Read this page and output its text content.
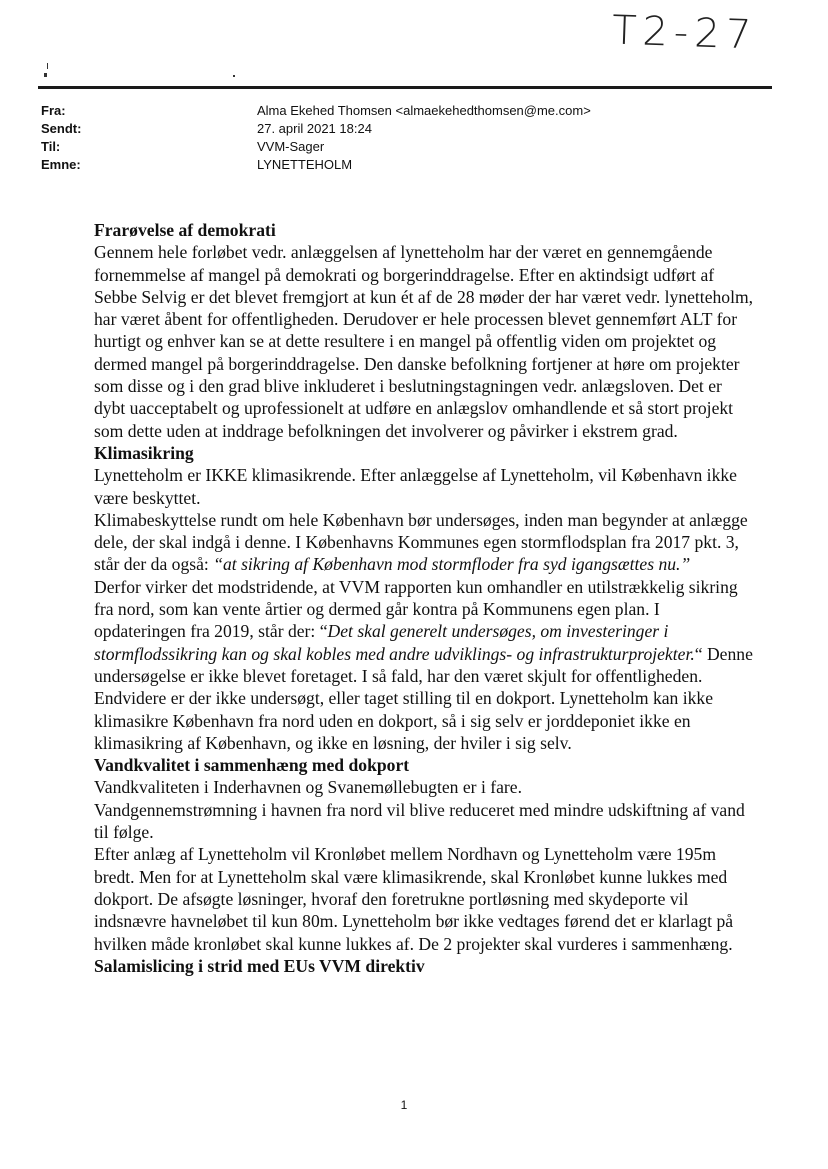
T2-27
Fra:	Alma Ekehed Thomsen <almaekehedthomsen@me.com>
Sendt:	27. april 2021 18:24
Til:	VVM-Sager
Emne:	LYNETTEHOLM
Frarøvelse af demokrati

Gennem hele forløbet vedr. anlæggelsen af lynetteholm har der været en gennemgående fornemmelse af mangel på demokrati og borgerinddragelse. Efter en aktindsigt udført af Sebbe Selvig er det blevet fremgjort at kun ét af de 28 møder der har været vedr. lynetteholm, har været åbent for offentligheden. Derudover er hele processen blevet gennemført ALT for hurtigt og enhver kan se at dette resultere i en mangel på offentlig viden om projektet og dermed mangel på borgerinddragelse. Den danske befolkning fortjener at høre om projekter som disse og i den grad blive inkluderet i beslutningstagningen vedr. anlægsloven. Det er dybt uacceptabelt og uprofessionelt at udføre en anlægslov omhandlende et så stort projekt som dette uden at inddrage befolkningen det involverer og påvirker i ekstrem grad.

Klimasikring

Lynetteholm er IKKE klimasikrende. Efter anlæggelse af Lynetteholm, vil København ikke være beskyttet.

Klimabeskyttelse rundt om hele København bør undersøges, inden man begynder at anlægge dele, der skal indgå i denne. I Københavns Kommunes egen stormflodsplan fra 2017 pkt. 3, står der da også: “at sikring af København mod stormfloder fra syd igangsættes nu.”

Derfor virker det modstridende, at VVM rapporten kun omhandler en utilstrækkelig sikring fra nord, som kan vente årtier og dermed går kontra på Kommunens egen plan. I opdateringen fra 2019, står der: “Det skal generelt undersøges, om investeringer i stormflodssikring kan og skal kobles med andre udviklings- og infrastrukturprojekter.“ Denne undersøgelse er ikke blevet foretaget. I så fald, har den været skjult for offentligheden.

Endvidere er der ikke undersøgt, eller taget stilling til en dokport. Lynetteholm kan ikke klimasikre København fra nord uden en dokport, så i sig selv er jorddeponiet ikke en klimasikring af København, og ikke en løsning, der hviler i sig selv.

Vandkvalitet i sammenhæng med dokport

Vandkvaliteten i Inderhavnen og Svanemøllebugten er i fare.

Vandgennemstrømning i havnen fra nord vil blive reduceret med mindre udskiftning af vand til følge.

Efter anlæg af Lynetteholm vil Kronløbet mellem Nordhavn og Lynetteholm være 195m bredt. Men for at Lynetteholm skal være klimasikrende, skal Kronløbet kunne lukkes med dokport. De afsøgte løsninger, hvoraf den foretrukne portløsning med skydeporte vil indsnævre havneløbet til kun 80m. Lynetteholm bør ikke vedtages førend det er klarlagt på hvilken måde kronløbet skal kunne lukkes af. De 2 projekter skal vurderes i sammenhæng.

Salamislicing i strid med EUs VVM direktiv
1
